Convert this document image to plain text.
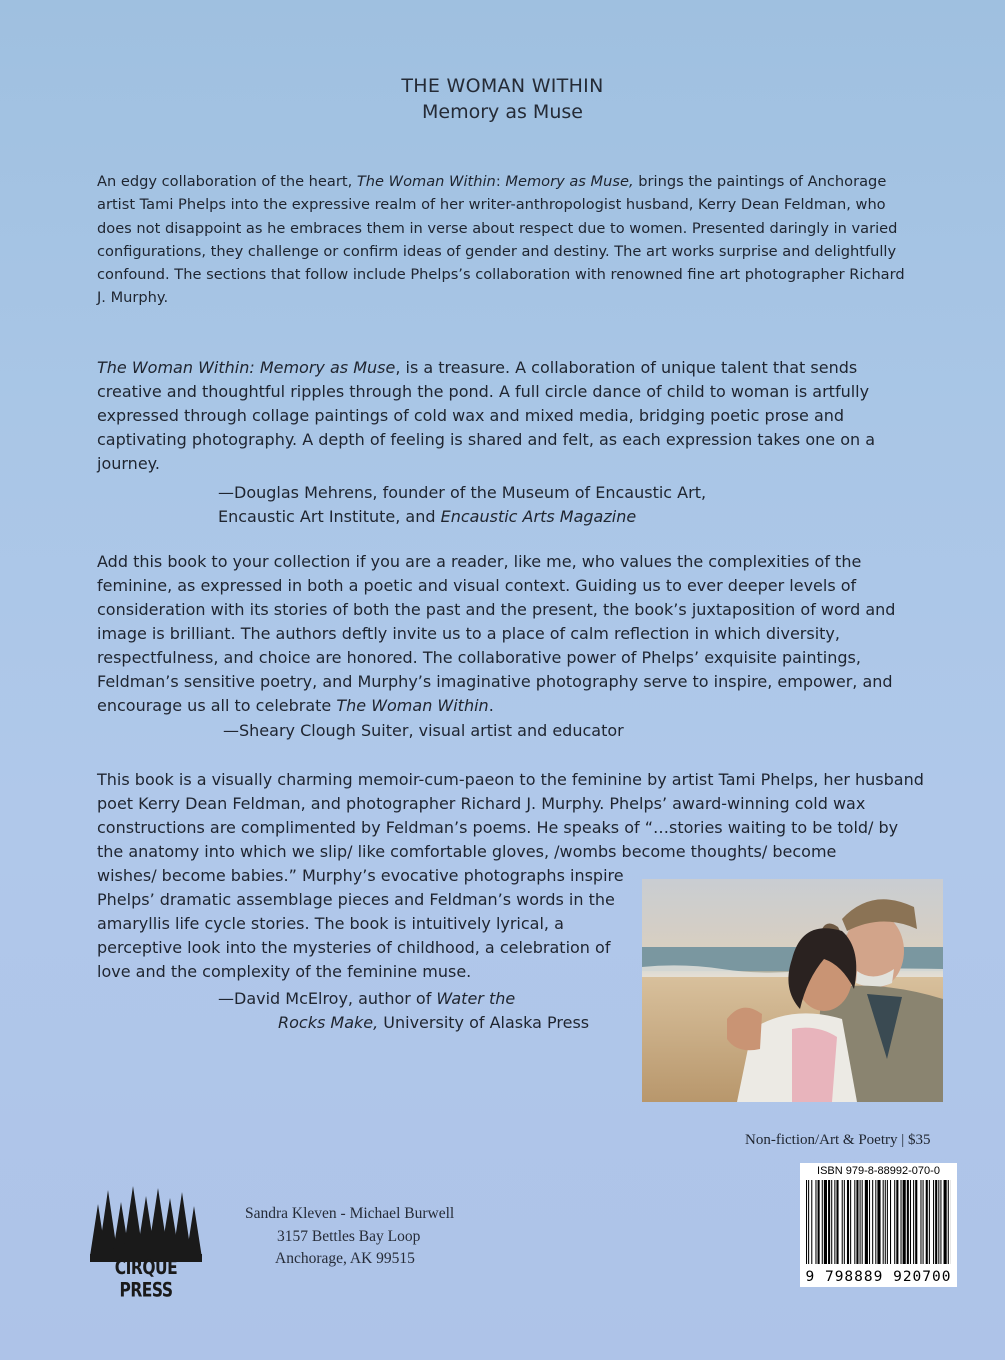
THE WOMAN WITHIN
Memory as Muse

An edgy collaboration of the heart, The Woman Within: Memory as Muse, brings the paintings of Anchorage artist Tami Phelps into the expressive realm of her writer-anthropologist husband, Kerry Dean Feldman, who does not disappoint as he embraces them in verse about respect due to women. Presented daringly in varied configurations, they challenge or confirm ideas of gender and destiny. The art works surprise and delightfully confound. The sections that follow include Phelps’s collaboration with renowned fine art photographer Richard J. Murphy.

The Woman Within: Memory as Muse, is a treasure. A collaboration of unique talent that sends creative and thoughtful ripples through the pond. A full circle dance of child to woman is artfully expressed through collage paintings of cold wax and mixed media, bridging poetic prose and captivating photography. A depth of feeling is shared and felt, as each expression takes one on a journey.

—Douglas Mehrens, founder of the Museum of Encaustic Art,
Encaustic Art Institute, and Encaustic Arts Magazine

Add this book to your collection if you are a reader, like me, who values the complexities of the feminine, as expressed in both a poetic and visual context. Guiding us to ever deeper levels of consideration with its stories of both the past and the present, the book’s juxtaposition of word and image is brilliant. The authors deftly invite us to a place of calm reflection in which diversity, respectfulness, and choice are honored. The collaborative power of Phelps’ exquisite paintings, Feldman’s sensitive poetry, and Murphy’s imaginative photography serve to inspire, empower, and encourage us all to celebrate The Woman Within.

—Sheary Clough Suiter, visual artist and educator

This book is a visually charming memoir-cum-paeon to the feminine by artist Tami Phelps, her husband poet Kerry Dean Feldman, and photographer Richard J. Murphy. Phelps’ award-winning cold wax constructions are complimented by Feldman’s poems. He speaks of “…stories waiting to be told/ by the anatomy into which we slip/ like comfortable gloves, /wombs become thoughts/ become

wishes/ become babies.” Murphy’s evocative photographs inspire Phelps’ dramatic assemblage pieces and Feldman’s words in the amaryllis life cycle stories. The book is intuitively lyrical, a perceptive look into the mysteries of childhood, a celebration of love and the complexity of the feminine muse.

—David McElroy, author of Water the
Rocks Make, University of Alaska Press

Non-fiction/Art & Poetry | $35
ISBN 979-8-88992-070-0
9 798889 920700
CIRQUE PRESS
Sandra Kleven - Michael Burwell
3157 Bettles Bay Loop
Anchorage, AK 99515
